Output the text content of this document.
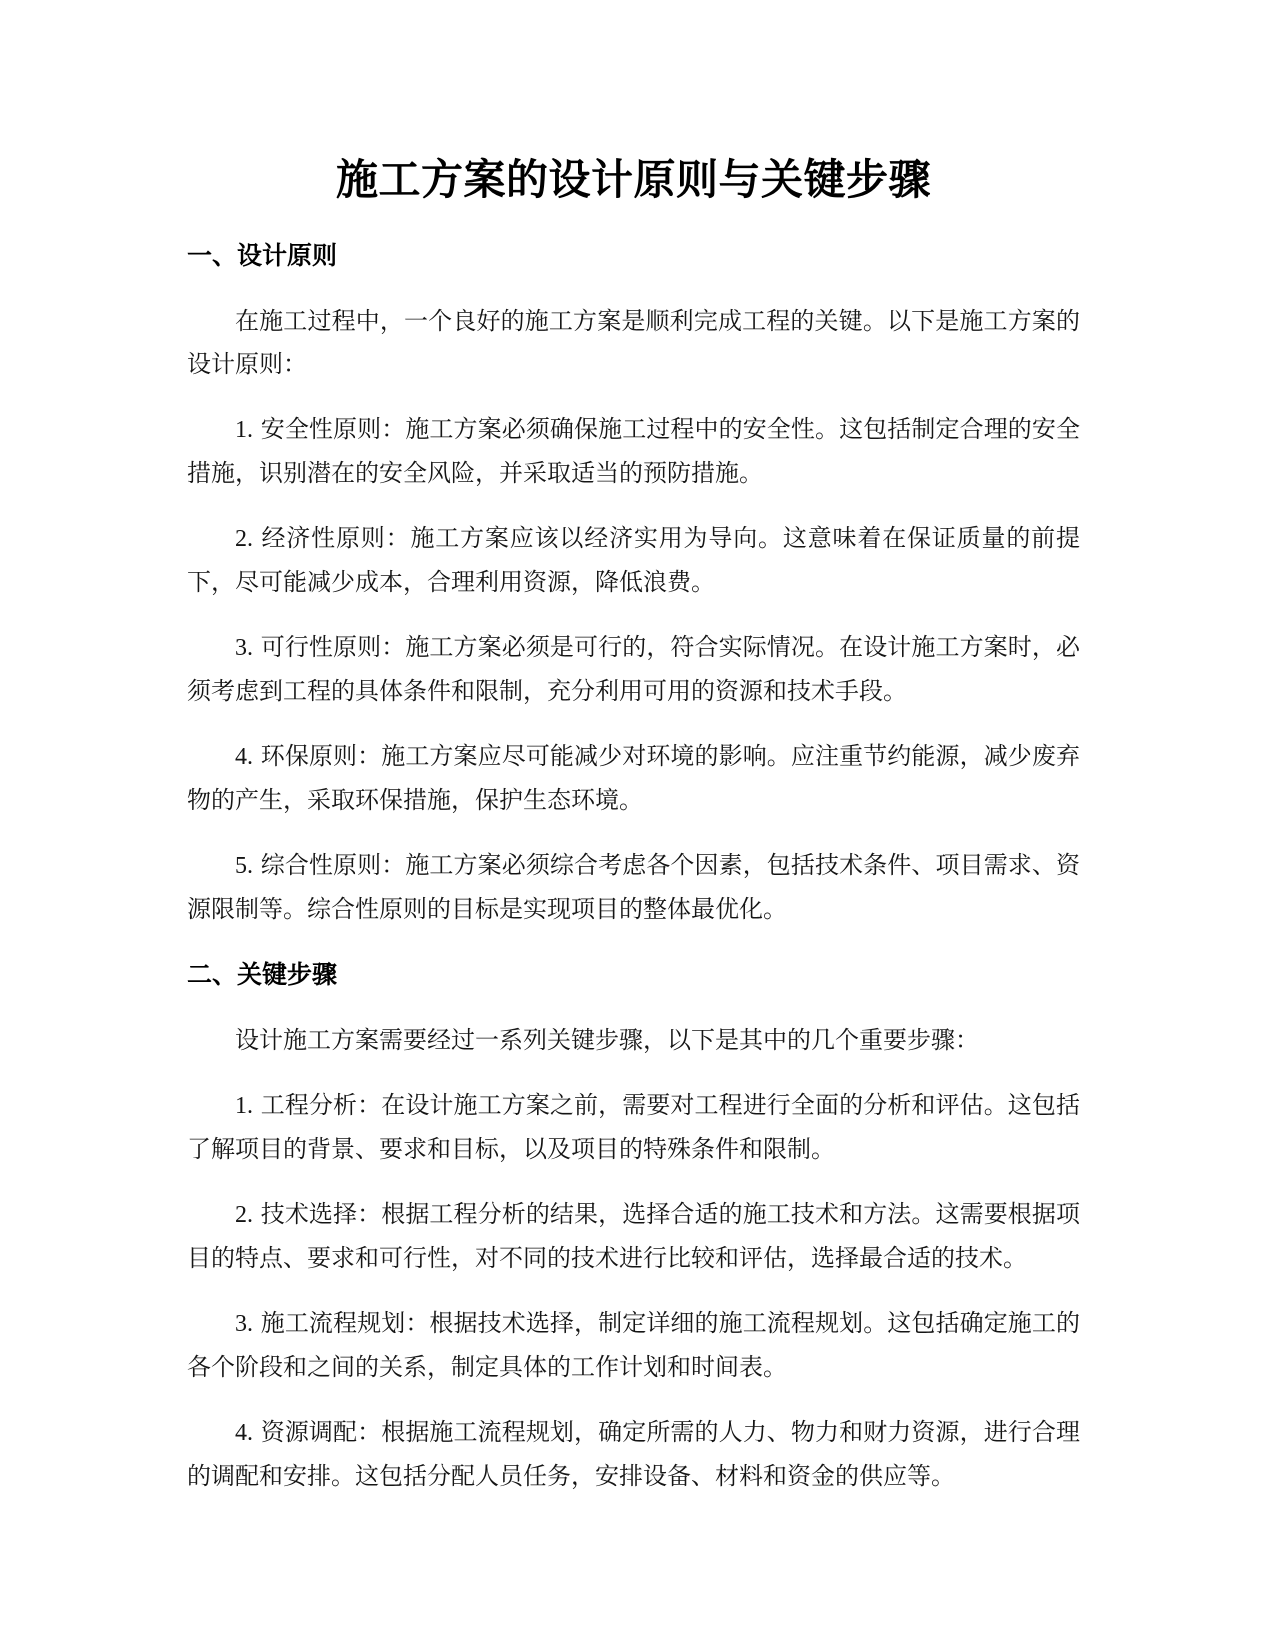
施工方案的设计原则与关键步骤
一、设计原则

在施工过程中，一个良好的施工方案是顺利完成工程的关键。以下是施工方案的设计原则：

1. 安全性原则：施工方案必须确保施工过程中的安全性。这包括制定合理的安全措施，识别潜在的安全风险，并采取适当的预防措施。

2. 经济性原则：施工方案应该以经济实用为导向。这意味着在保证质量的前提下，尽可能减少成本，合理利用资源，降低浪费。

3. 可行性原则：施工方案必须是可行的，符合实际情况。在设计施工方案时，必须考虑到工程的具体条件和限制，充分利用可用的资源和技术手段。

4. 环保原则：施工方案应尽可能减少对环境的影响。应注重节约能源，减少废弃物的产生，采取环保措施，保护生态环境。

5. 综合性原则：施工方案必须综合考虑各个因素，包括技术条件、项目需求、资源限制等。综合性原则的目标是实现项目的整体最优化。

二、关键步骤

设计施工方案需要经过一系列关键步骤，以下是其中的几个重要步骤：

1. 工程分析：在设计施工方案之前，需要对工程进行全面的分析和评估。这包括了解项目的背景、要求和目标，以及项目的特殊条件和限制。

2. 技术选择：根据工程分析的结果，选择合适的施工技术和方法。这需要根据项目的特点、要求和可行性，对不同的技术进行比较和评估，选择最合适的技术。

3. 施工流程规划：根据技术选择，制定详细的施工流程规划。这包括确定施工的各个阶段和之间的关系，制定具体的工作计划和时间表。

4. 资源调配：根据施工流程规划，确定所需的人力、物力和财力资源，进行合理的调配和安排。这包括分配人员任务，安排设备、材料和资金的供应等。
